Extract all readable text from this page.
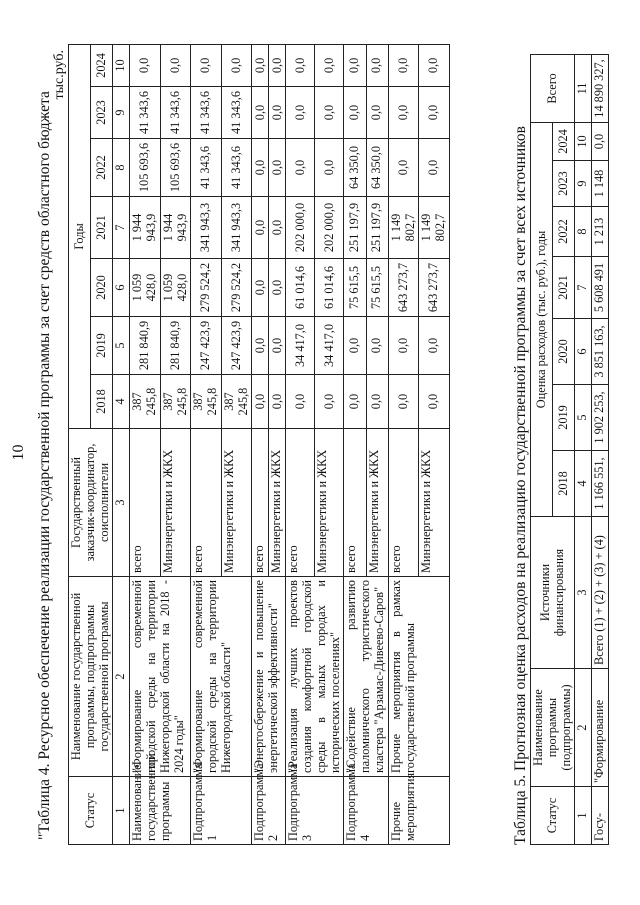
10 "Таблица 4. Ресурсное обеспечение реализации государственной программы за счет средств областного бюджета
тыс.руб.
Статус	Наименование государственной программы, подпрограммы государственной программы	Государственный заказчик-координатор, соисполнители	Годы						
			2018	2019	2020	2021	2022	2023	2024
1	2	3	4	5	6	7	8	9	10
Наименование государственной программы	"Формирование современной городской среды на территории Нижегородской области на 2018 - 2024 годы"	всего	387 245,8	281 840,9	1 059 428,0	1 944 943,9	105 693,6	41 343,6	0,0
		Минэнергетики и ЖКХ	387 245,8	281 840,9	1 059 428,0	1 944 943,9	105 693,6	41 343,6	0,0
Подпрограмма 1	"Формирование современной городской среды на территории Нижегородской области"	всего	387 245,8	247 423,9	279 524,2	341 943,3	41 343,6	41 343,6	0,0
		Минэнергетики и ЖКХ	387 245,8	247 423,9	279 524,2	341 943,3	41 343,6	41 343,6	0,0
Подпрограмма 2	"Энергосбережение и повышение энергетической эффективности"	всего	0,0	0,0	0,0	0,0	0,0	0,0	0,0
		Минэнергетики и ЖКХ	0,0	0,0	0,0	0,0	0,0	0,0	0,0
Подпрограмма 3	"Реализация лучших проектов создания комфортной городской среды в малых городах и исторических поселениях"	всего	0,0	34 417,0	61 014,6	202 000,0	0,0	0,0	0,0
		Минэнергетики и ЖКХ	0,0	34 417,0	61 014,6	202 000,0	0,0	0,0	0,0
Подпрограмма 4	"Содействие развитию паломнического туристического кластера "Арзамас-Дивеево-Саров"	всего	0,0	0,0	75 615,5	251 197,9	64 350,0	0,0	0,0
		Минэнергетики и ЖКХ	0,0	0,0	75 615,5	251 197,9	64 350,0	0,0	0,0
Прочие мероприятия	Прочие мероприятия в рамках государственной программы	всего	0,0	0,0	643 273,7	1 149 802,7	0,0	0,0	0,0
		Минэнергетики и ЖКХ	0,0	0,0	643 273,7	1 149 802,7	0,0	0,0	0,0
Таблица 5. Прогнозная оценка расходов на реализацию государственной программы за счет всех источников Статус	Наименование программы (подпрограммы)	Источники финансирования	Оценка расходов (тыс. руб.), годы							Всего
			2018	2019	2020	2021	2022	2023	2024	
1	2	3	4	5	6	7	8	9	10	11
Госу-	"Формирование	Всего (1) + (2) + (3) + (4)	1 166 551,	1 902 253,	3 851 163,	5 608 491	1 213	1 148	0,0	14 890 327,
